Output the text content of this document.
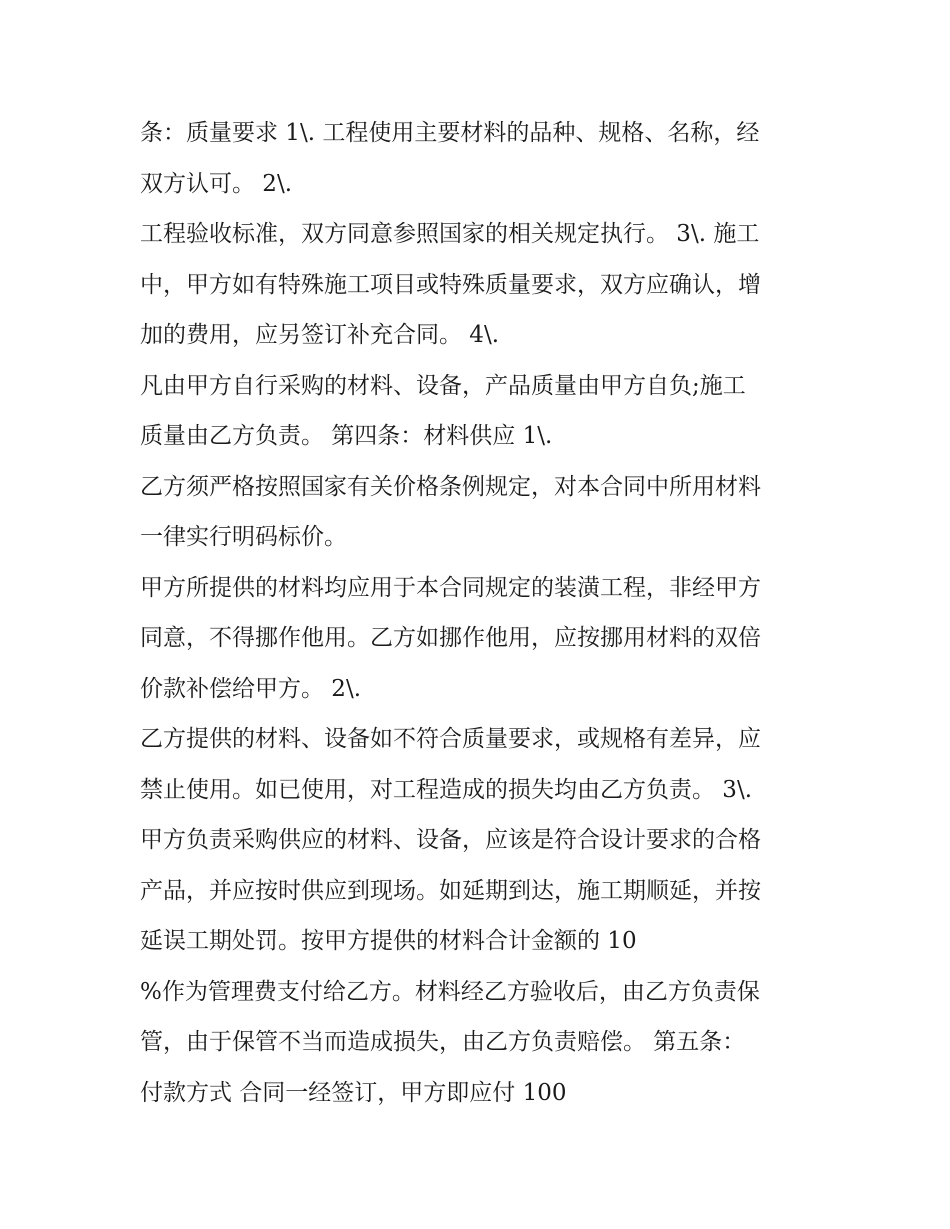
条：质量要求 1\. 工程使用主要材料的品种、规格、名称，经
双方认可。 2\.
工程验收标准，双方同意参照国家的相关规定执行。 3\. 施工
中，甲方如有特殊施工项目或特殊质量要求，双方应确认，增
加的费用，应另签订补充合同。 4\.
凡由甲方自行采购的材料、设备，产品质量由甲方自负;施工
质量由乙方负责。 第四条：材料供应 1\.
乙方须严格按照国家有关价格条例规定，对本合同中所用材料
一律实行明码标价。
甲方所提供的材料均应用于本合同规定的装潢工程，非经甲方
同意，不得挪作他用。乙方如挪作他用，应按挪用材料的双倍
价款补偿给甲方。 2\.
乙方提供的材料、设备如不符合质量要求，或规格有差异，应
禁止使用。如已使用，对工程造成的损失均由乙方负责。 3\.
甲方负责采购供应的材料、设备，应该是符合设计要求的合格
产品，并应按时供应到现场。如延期到达，施工期顺延，并按
延误工期处罚。按甲方提供的材料合计金额的 10
%作为管理费支付给乙方。材料经乙方验收后，由乙方负责保
管，由于保管不当而造成损失，由乙方负责赔偿。 第五条：
付款方式 合同一经签订，甲方即应付 100
